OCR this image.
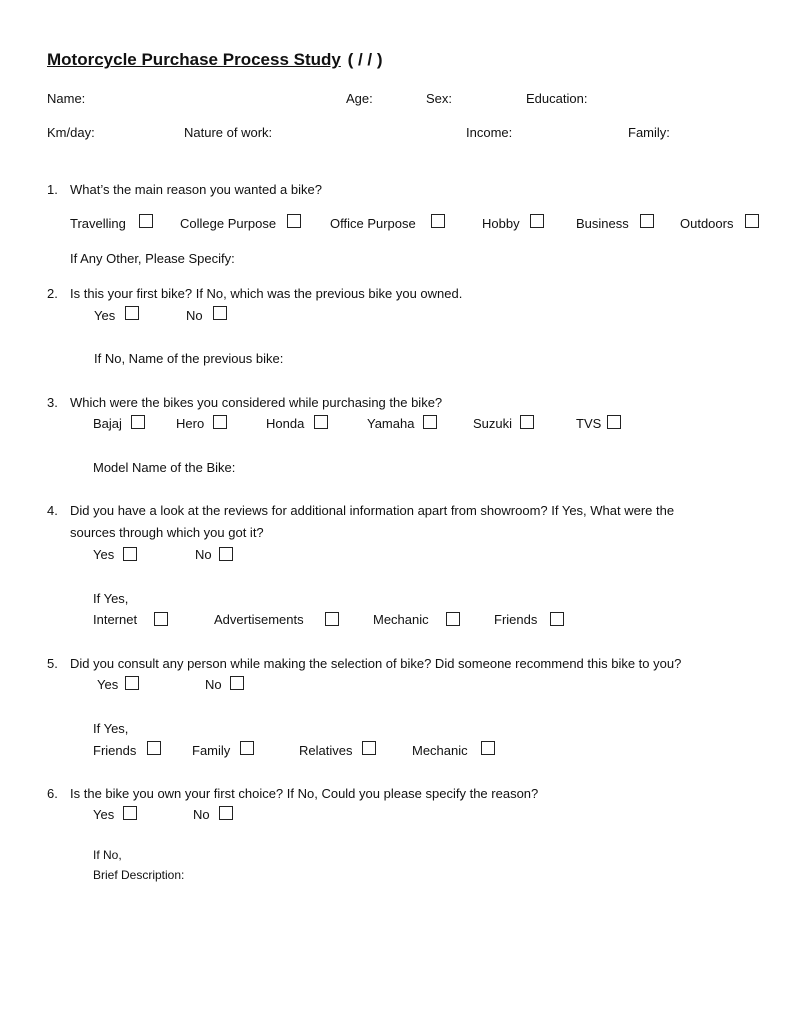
Motorcycle Purchase Process Study ( / / )
Name:	Age:	Sex:	Education:
Km/day:	Nature of work:	Income:	Family:
1. What’s the main reason you wanted a bike?
Travelling	College Purpose	Office Purpose	Hobby	Business	Outdoors
If Any Other, Please Specify:
2. Is this your first bike? If No, which was the previous bike you owned.
Yes	No
If No, Name of the previous bike:
3. Which were the bikes you considered while purchasing the bike?
Bajaj	Hero	Honda	Yamaha	Suzuki	TVS
Model Name of the Bike:
4. Did you have a look at the reviews for additional information apart from showroom? If Yes, What were the
sources through which you got it?
Yes	No
If Yes,
Internet	Advertisements	Mechanic	Friends
5. Did you consult any person while making the selection of bike? Did someone recommend this bike to you?
Yes	No
If Yes,
Friends	Family	Relatives	Mechanic
6. Is the bike you own your first choice? If No, Could you please specify the reason?
Yes	No
If No,
Brief Description:
